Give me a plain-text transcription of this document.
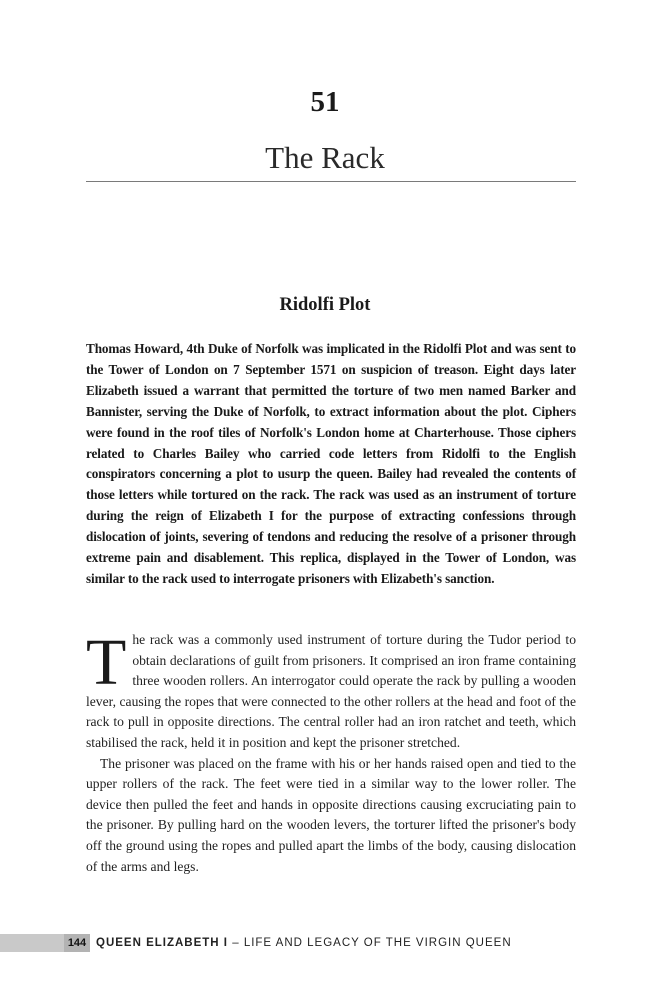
51
The Rack
Ridolfi Plot

Thomas Howard, 4th Duke of Norfolk was implicated in the Ridolfi Plot and was sent to the Tower of London on 7 September 1571 on suspicion of treason. Eight days later Elizabeth issued a warrant that permitted the torture of two men named Barker and Bannister, serving the Duke of Norfolk, to extract information about the plot. Ciphers were found in the roof tiles of Norfolk's London home at Charterhouse. Those ciphers related to Charles Bailey who carried code letters from Ridolfi to the English conspirators concerning a plot to usurp the queen. Bailey had revealed the contents of those letters while tortured on the rack. The rack was used as an instrument of torture during the reign of Elizabeth I for the purpose of extracting confessions through dislocation of joints, severing of tendons and reducing the resolve of a prisoner through extreme pain and disablement. This replica, displayed in the Tower of London, was similar to the rack used to interrogate prisoners with Elizabeth's sanction.

The rack was a commonly used instrument of torture during the Tudor period to obtain declarations of guilt from prisoners. It comprised an iron frame containing three wooden rollers. An interrogator could operate the rack by pulling a wooden lever, causing the ropes that were connected to the other rollers at the head and foot of the rack to pull in opposite directions. The central roller had an iron ratchet and teeth, which stabilised the rack, held it in position and kept the prisoner stretched.

The prisoner was placed on the frame with his or her hands raised open and tied to the upper rollers of the rack. The feet were tied in a similar way to the lower roller. The device then pulled the feet and hands in opposite directions causing excruciating pain to the prisoner. By pulling hard on the wooden levers, the torturer lifted the prisoner's body off the ground using the ropes and pulled apart the limbs of the body, causing dislocation of the arms and legs.

144 QUEEN ELIZABETH I – LIFE AND LEGACY OF THE VIRGIN QUEEN
